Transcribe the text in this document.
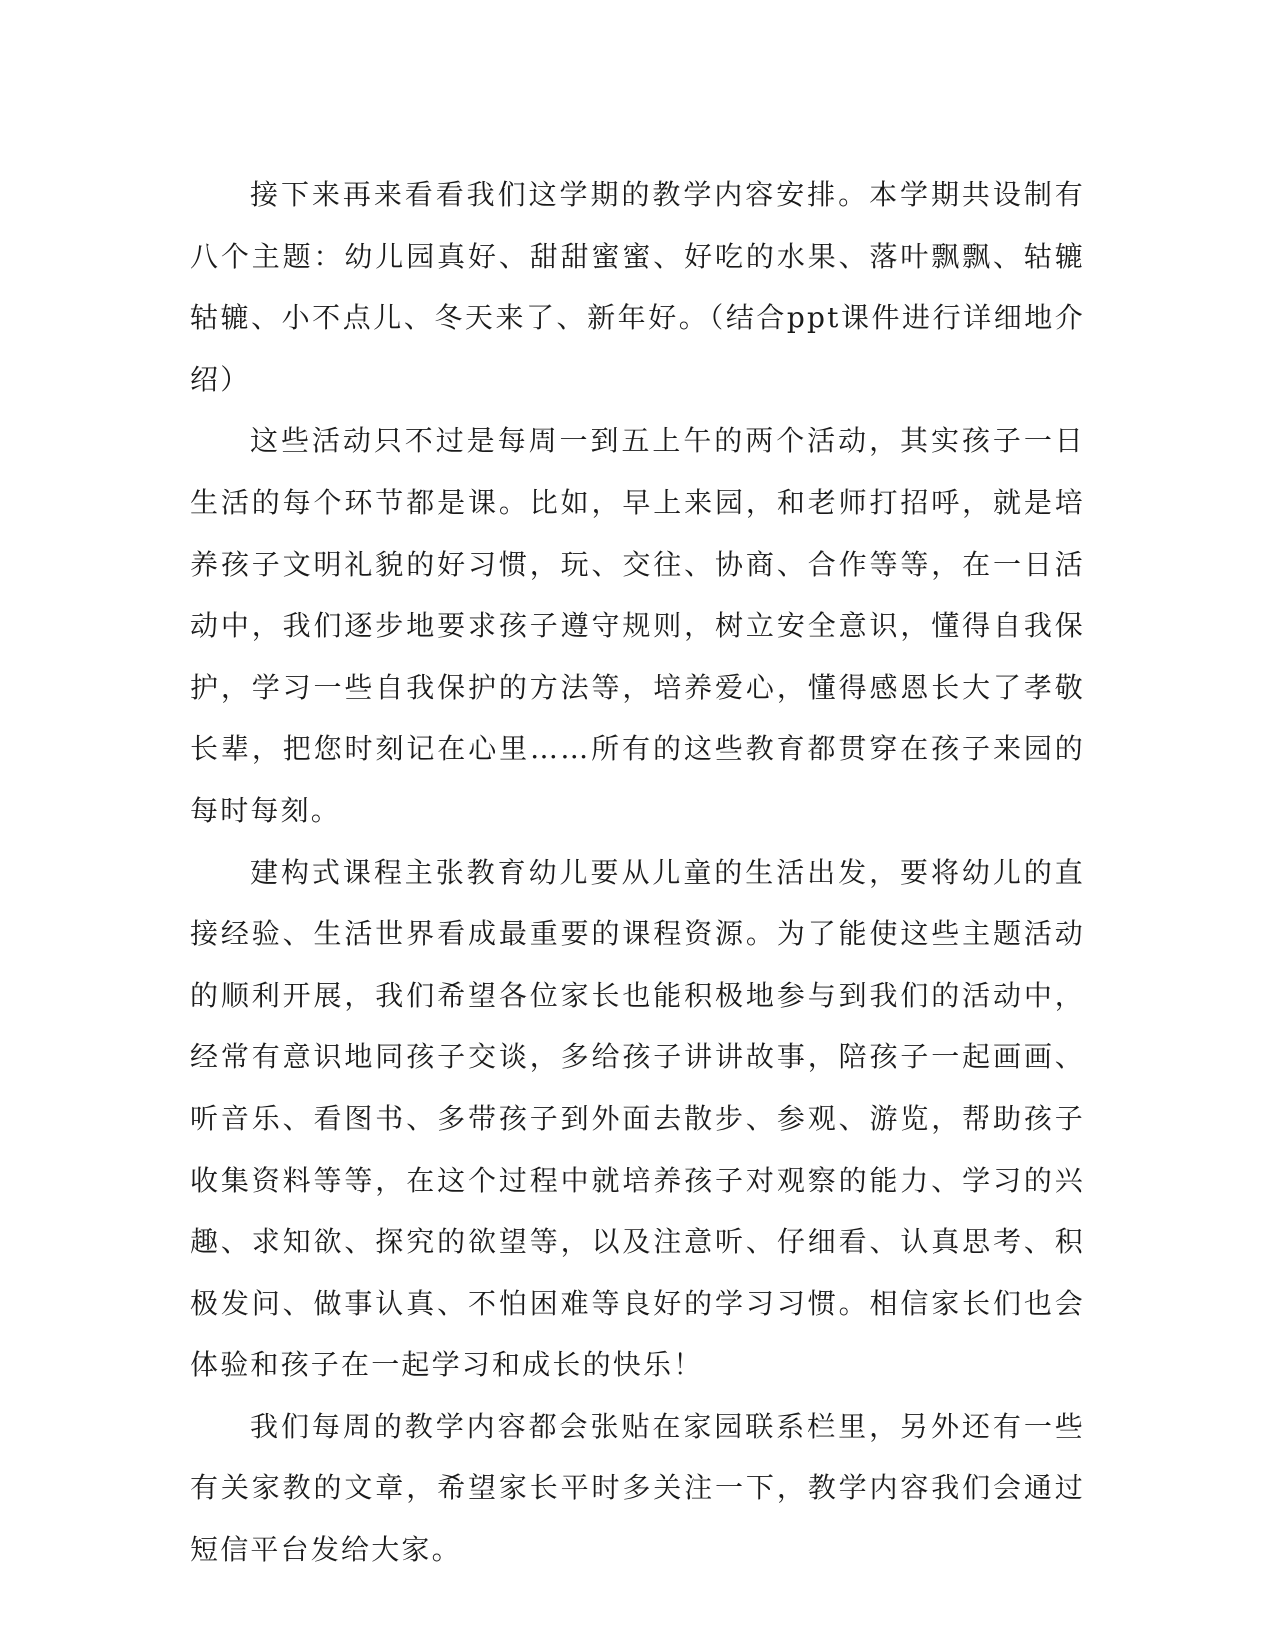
接下来再来看看我们这学期的教学内容安排。本学期共设制有八个主题：幼儿园真好、甜甜蜜蜜、好吃的水果、落叶飘飘、轱辘轱辘、小不点儿、冬天来了、新年好。（结合ppt课件进行详细地介绍）

这些活动只不过是每周一到五上午的两个活动，其实孩子一日生活的每个环节都是课。比如，早上来园，和老师打招呼，就是培养孩子文明礼貌的好习惯，玩、交往、协商、合作等等，在一日活动中，我们逐步地要求孩子遵守规则，树立安全意识，懂得自我保护，学习一些自我保护的方法等，培养爱心，懂得感恩长大了孝敬长辈，把您时刻记在心里……所有的这些教育都贯穿在孩子来园的每时每刻。

建构式课程主张教育幼儿要从儿童的生活出发，要将幼儿的直接经验、生活世界看成最重要的课程资源。为了能使这些主题活动的顺利开展，我们希望各位家长也能积极地参与到我们的活动中，经常有意识地同孩子交谈，多给孩子讲讲故事，陪孩子一起画画、听音乐、看图书、多带孩子到外面去散步、参观、游览，帮助孩子收集资料等等，在这个过程中就培养孩子对观察的能力、学习的兴趣、求知欲、探究的欲望等，以及注意听、仔细看、认真思考、积极发问、做事认真、不怕困难等良好的学习习惯。相信家长们也会体验和孩子在一起学习和成长的快乐！

我们每周的教学内容都会张贴在家园联系栏里，另外还有一些有关家教的文章，希望家长平时多关注一下，教学内容我们会通过短信平台发给大家。
